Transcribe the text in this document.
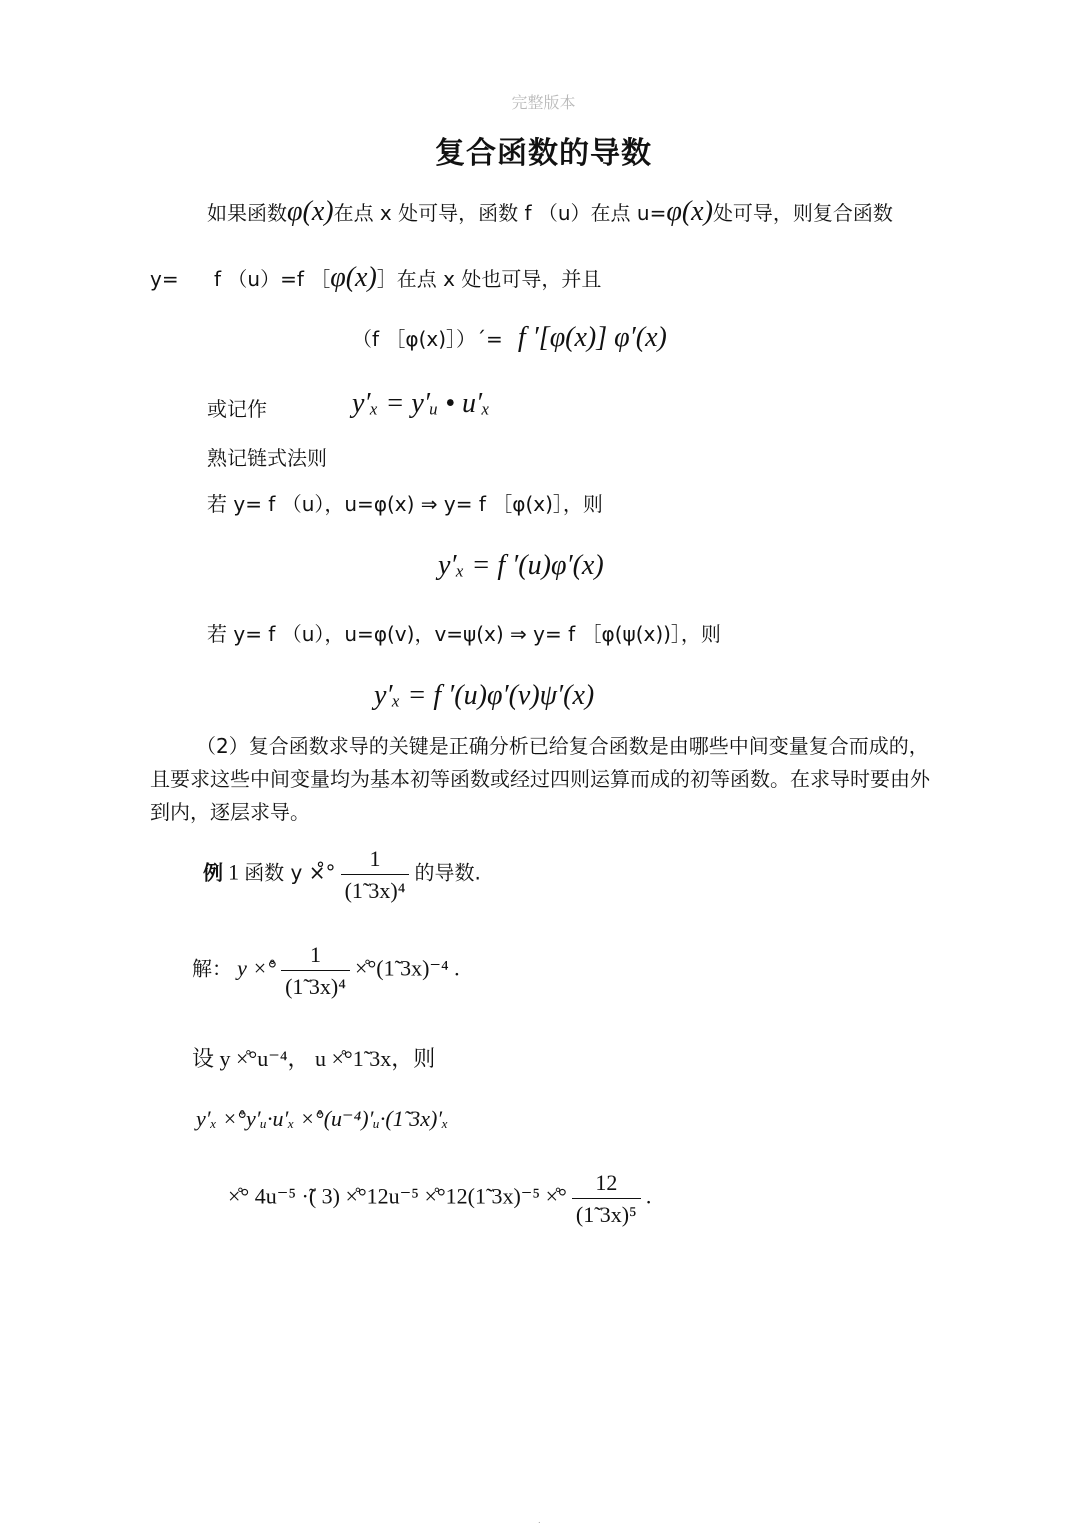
完整版本
复合函数的导数
如果函数φ(x)在点 x 处可导，函数 f （u）在点 u=φ(x)处可导，则复合函数
y= f （u）=f ［φ(x)］在点 x 处也可导，并且
（f ［φ(x)］）ˊ= f ′[φ(x)] φ′(x)
或记作	y′ₓ = y′ᵤ • u′ₓ
熟记链式法则
若 y= f （u），u=φ(x) ⇒ y= f ［φ(x)］，则
y′ₓ = f ′(u)φ′(x)
若 y= f （u），u=φ(v)，v=ψ(x) ⇒ y= f ［φ(ψ(x))］，则
y′ₓ = f ′(u)φ′(v)ψ′(x)
（2）复合函数求导的关键是正确分析已给复合函数是由哪些中间变量复合而成的，且要求这些中间变量均为基本初等函数或经过四则运算而成的初等函数。在求导时要由外到内，逐层求导。
例 1 函数 y ×̊° $\frac{1}{\text{(1̃ 3x)⁴}}$ 的导数.
解： y ×̊° $\frac{1}{\text{(1̃ 3x)⁴}}$ ×̊°(1̃ 3x)⁻⁴ .
设 y ×̊°u⁻⁴， u ×̊°1̃ 3x，则
y′ₓ ×̊°y′ᵤ·u′ₓ ×̊°(u⁻⁴)′ᵤ·(1̃ 3x)′ₓ
×̊° 4u⁻⁵ ·̃( 3) ×̊°12u⁻⁵ ×̊°12(1̃ 3x)⁻⁵ ×̊° $\frac{12}{\text{(1̃ 3x)⁵}}$ .
.
